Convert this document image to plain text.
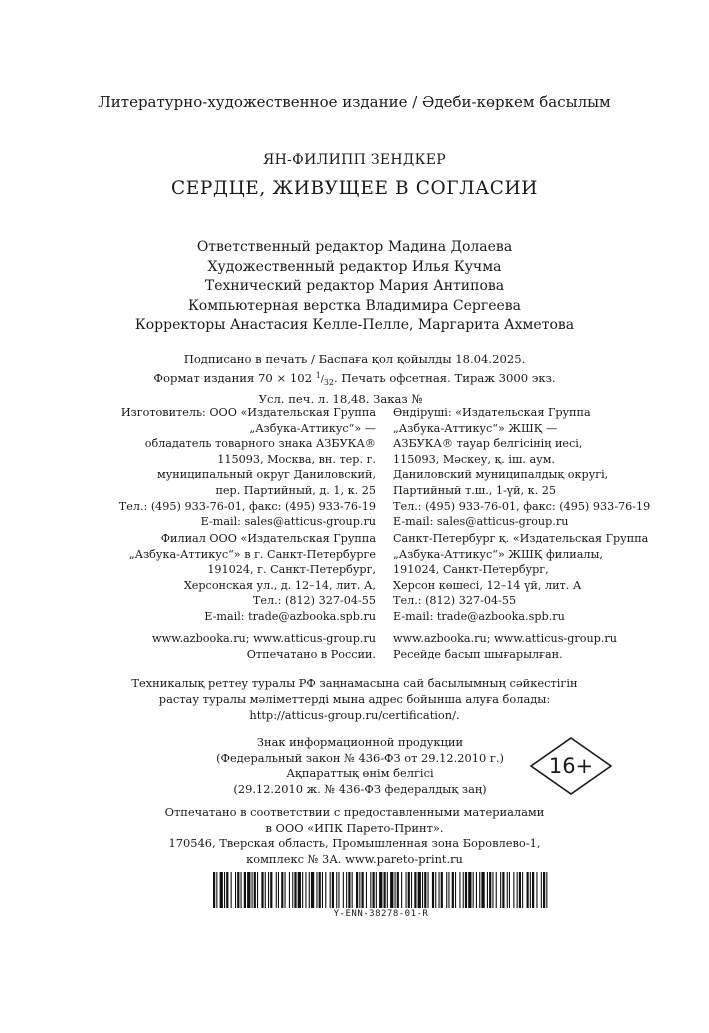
Литературно-художественное издание / Әдеби-көркем басылым
ЯН-ФИЛИПП ЗЕНДКЕР
СЕРДЦЕ, ЖИВУЩЕЕ В СОГЛАСИИ
Ответственный редактор Мадина Долаева
Художественный редактор Илья Кучма
Технический редактор Мария Антипова
Компьютерная верстка Владимира Сергеева
Корректоры Анастасия Келле-Пелле, Маргарита Ахметова
Подписано в печать / Баспаға қол қойылды 18.04.2025.
Формат издания 70 × 102 $^1/_{32}$. Печать офсетная. Тираж 3000 экз.
Усл. печ. л. 18,48. Заказ №
Изготовитель: ООО «Издательская Группа
„Азбука-Аттикус“» —
обладатель товарного знака АЗБУКА®
115093, Москва, вн. тер. г.
муниципальный округ Даниловский,
пер. Партийный, д. 1, к. 25
Тел.: (495) 933-76-01, факс: (495) 933-76-19
E-mail: sales@atticus-group.ru
Өндіруші: «Издательская Группа
„Азбука-Аттикус“» ЖШҚ —
АЗБУКА® тауар белгісінің иесі,
115093, Мәскеу, қ. іш. аум.
Даниловский муниципалдық округі,
Партийный т.ш., 1-үй, к. 25
Тел.: (495) 933-76-01, факс: (495) 933-76-19
E-mail: sales@atticus-group.ru
Филиал ООО «Издательская Группа
„Азбука-Аттикус“» в г. Санкт-Петербурге
191024, г. Санкт-Петербург,
Херсонская ул., д. 12–14, лит. А,
Тел.: (812) 327-04-55
E-mail: trade@azbooka.spb.ru
Санкт-Петербург қ. «Издательская Группа
„Азбука-Аттикус“» ЖШҚ филиалы,
191024, Санкт-Петербург,
Херсон көшесі, 12–14 үй, лит. А
Тел.: (812) 327-04-55
E-mail: trade@azbooka.spb.ru
www.azbooka.ru; www.atticus-group.ru
Отпечатано в России.
www.azbooka.ru; www.atticus-group.ru
Ресейде басып шығарылған.
Техникалық реттеу туралы РФ заңнамасына сай басылымның сәйкестігін
растау туралы мәліметтерді мына адрес бойынша алуға болады:
http://atticus-group.ru/certification/.
Знак информационной продукции
(Федеральный закон № 436-ФЗ от 29.12.2010 г.)
Ақпараттық өнім белгісі
(29.12.2010 ж. № 436-ФЗ федералдық заң)
16+
Отпечатано в соответствии с предоставленными материалами
в ООО «ИПК Парето-Принт».
170546, Тверская область, Промышленная зона Боровлево-1,
комплекс № 3А. www.pareto-print.ru
Y-ENN-38278-01-R
